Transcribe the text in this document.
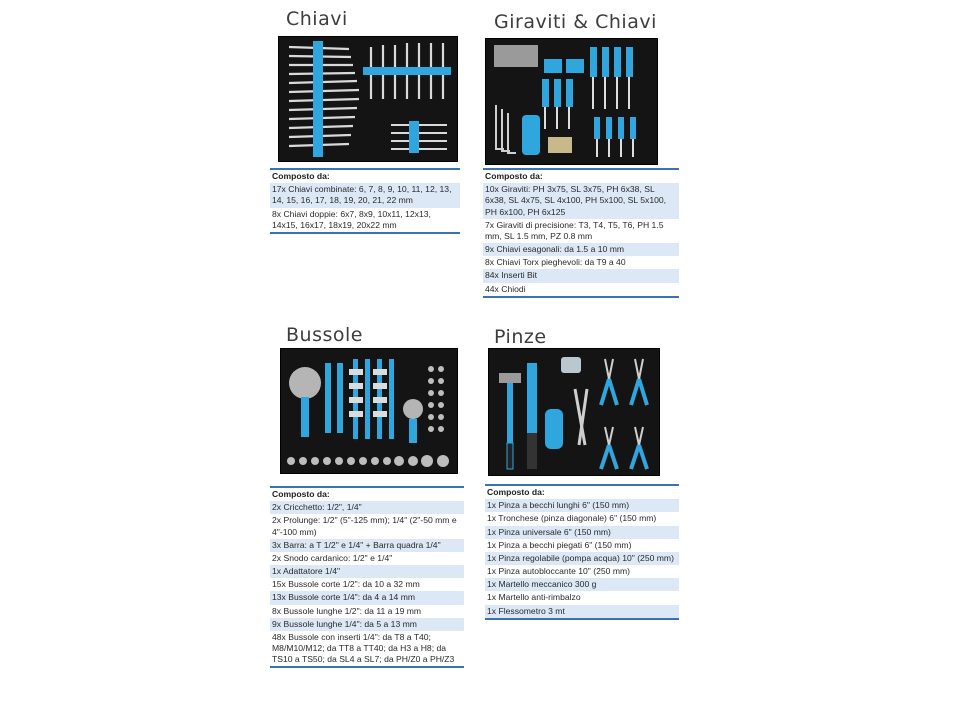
Chiavi
Composto da:
17x Chiavi combinate: 6, 7, 8, 9, 10, 11, 12, 13, 14, 15, 16, 17, 18, 19, 20, 21, 22 mm
8x Chiavi doppie: 6x7, 8x9, 10x11, 12x13, 14x15, 16x17, 18x19, 20x22 mm
Giraviti & Chiavi
Composto da:
10x Giraviti: PH 3x75, SL 3x75, PH 6x38, SL 6x38, SL 4x75, SL 4x100, PH 5x100, SL 5x100, PH 6x100, PH 6x125
7x Giraviti di precisione: T3, T4, T5, T6, PH 1.5 mm, SL 1.5 mm, PZ 0.8 mm
9x Chiavi esagonali: da 1.5 a 10 mm
8x Chiavi Torx pieghevoli: da T9 a 40
84x Inserti Bit
44x Chiodi
Bussole
Composto da:
2x Cricchetto: 1/2", 1/4"
2x Prolunge: 1/2" (5"-125 mm); 1/4" (2"-50 mm e 4"-100 mm)
3x Barra: a T 1/2" e 1/4" + Barra quadra 1/4"
2x Snodo cardanico: 1/2" e 1/4"
1x Adattatore 1/4"
15x Bussole corte 1/2": da 10 a 32 mm
13x Bussole corte 1/4": da 4 a 14 mm
8x Bussole lunghe 1/2": da 11 a 19 mm
9x Bussole lunghe 1/4": da 5 a 13 mm
48x Bussole con inserti 1/4": da T8 a T40; M8/M10/M12; da TT8 a TT40; da H3 a H8; da TS10 a TS50; da SL4 a SL7; da PH/Z0 a PH/Z3
Pinze
Composto da:
1x Pinza a becchi lunghi 6" (150 mm)
1x Tronchese (pinza diagonale) 6" (150 mm)
1x Pinza universale 6" (150 mm)
1x Pinza a becchi piegati 6" (150 mm)
1x Pinza regolabile (pompa acqua) 10" (250 mm)
1x Pinza autobloccante 10" (250 mm)
1x Martello meccanico 300 g
1x Martello anti-rimbalzo
1x Flessometro 3 mt
